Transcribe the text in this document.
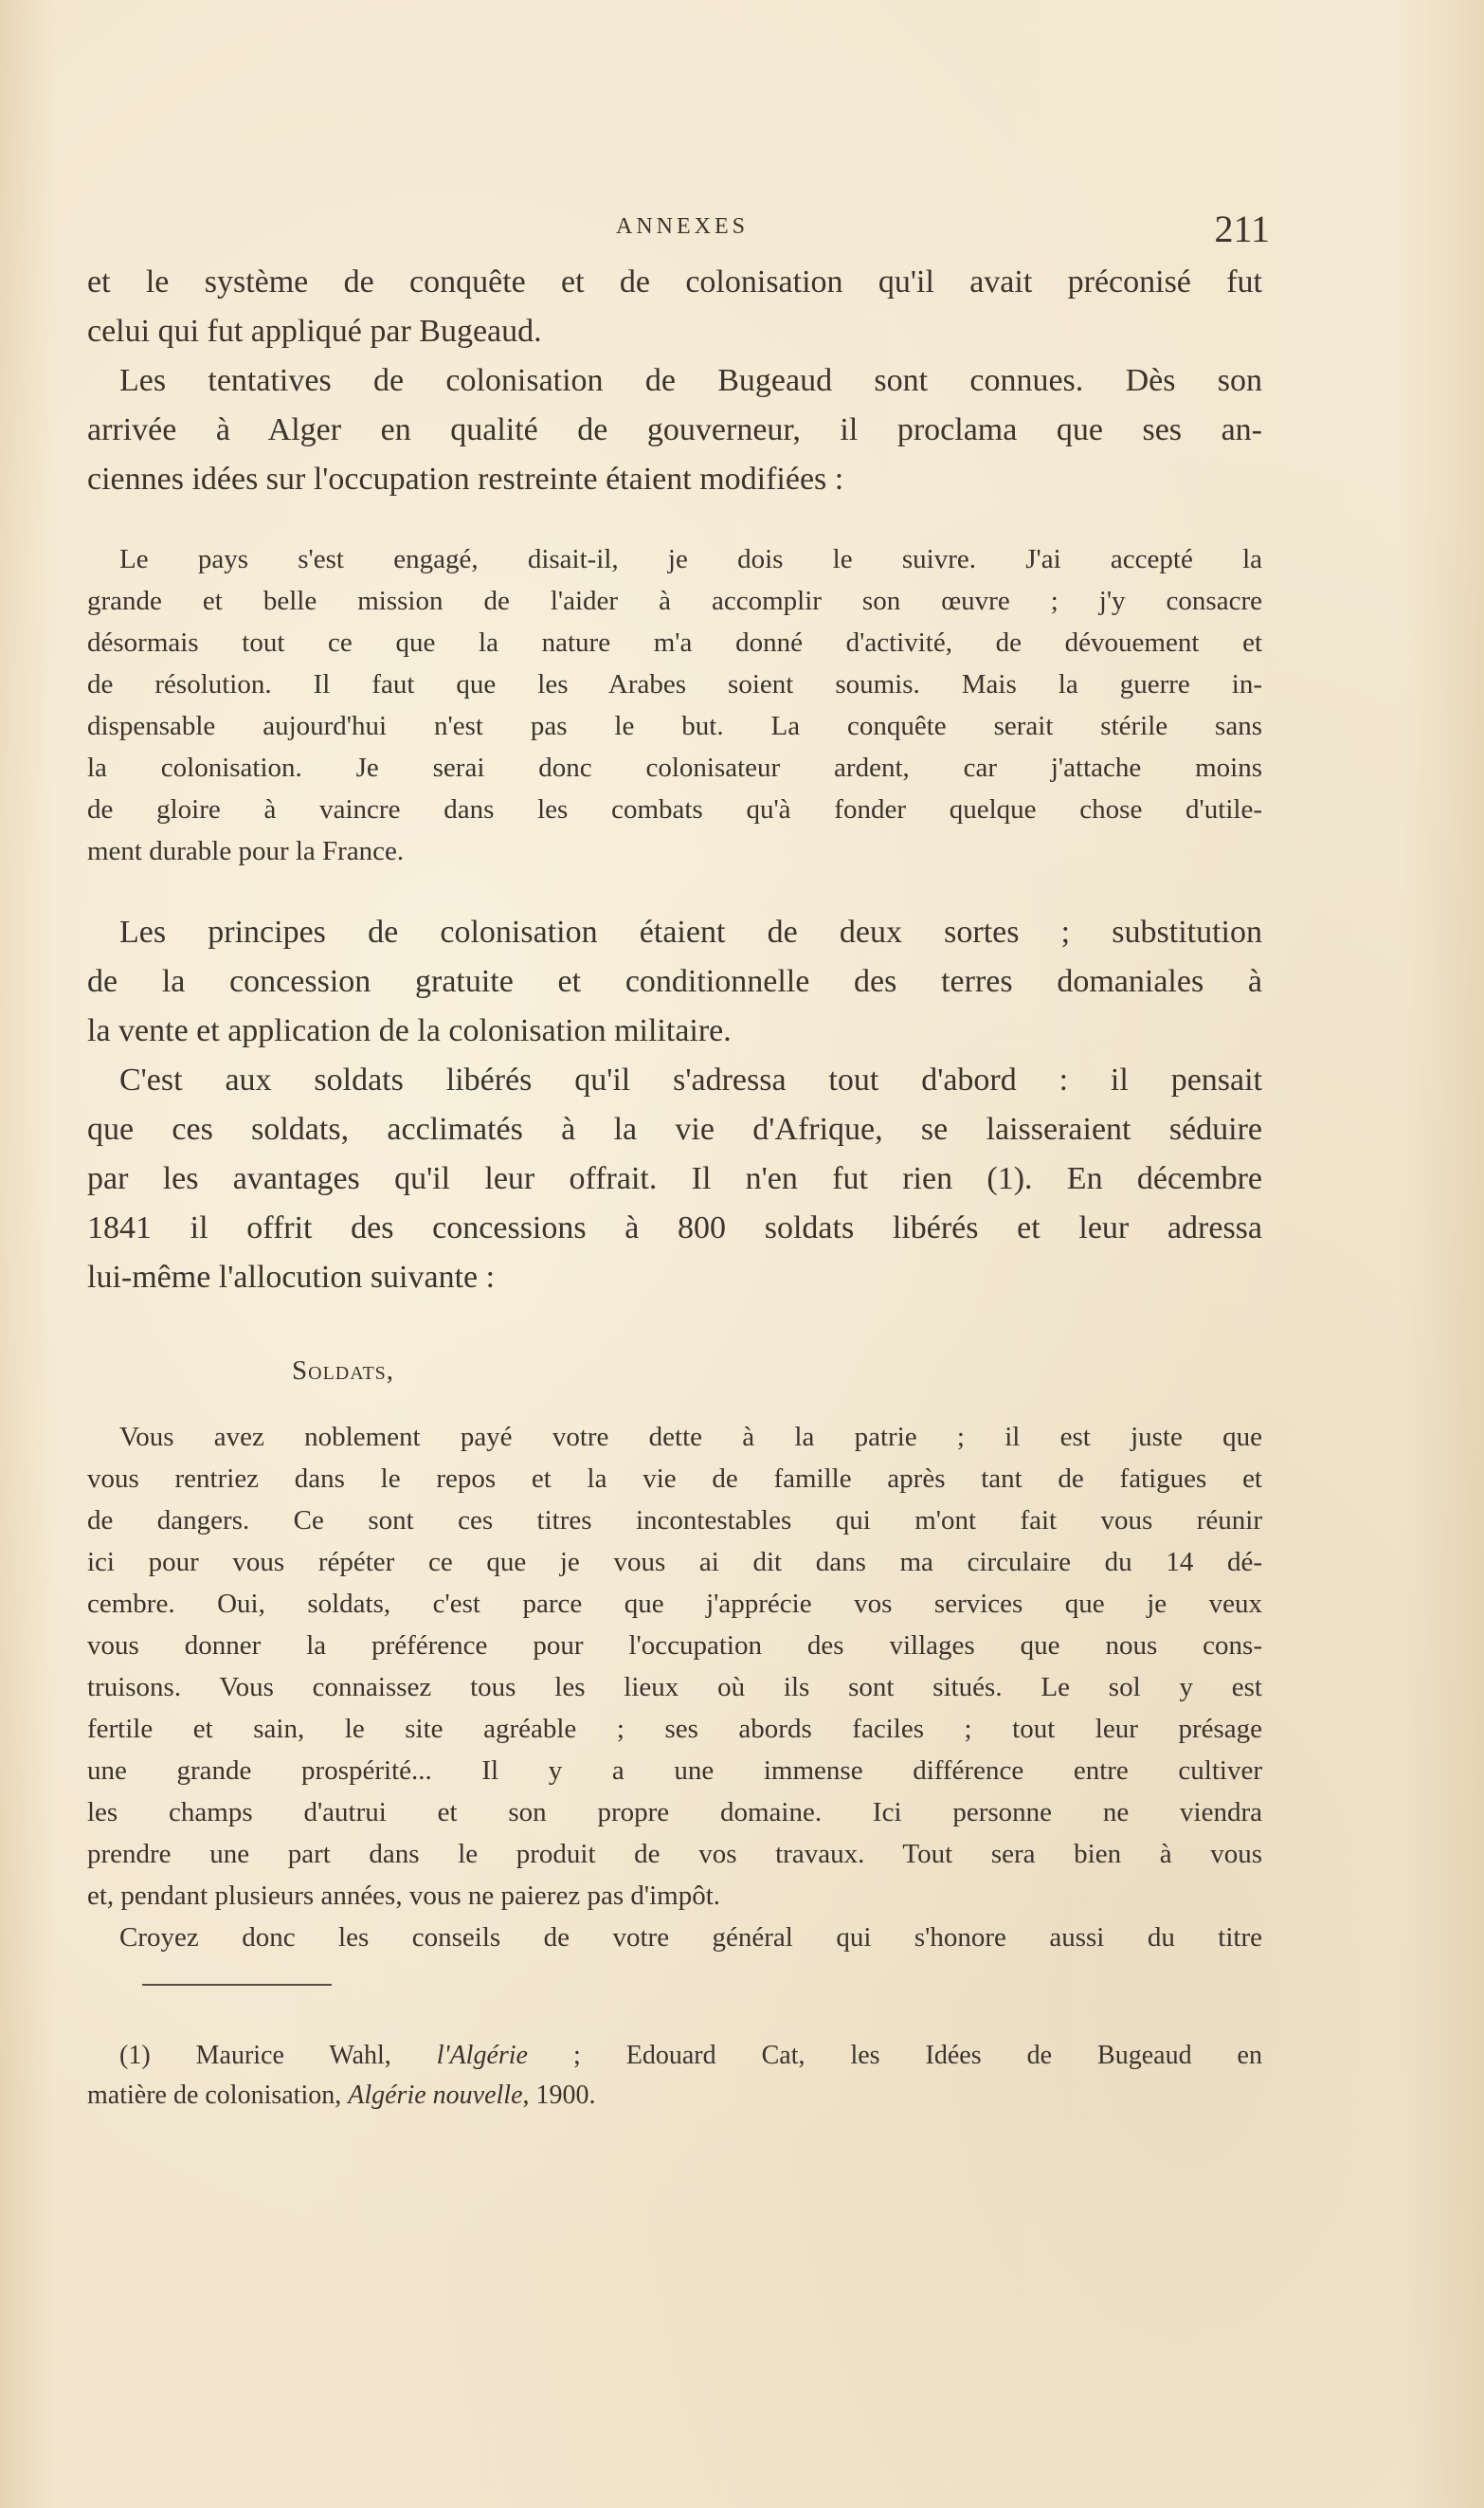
ANNEXES	211
et le système de conquête et de colonisation qu'il avait préconisé fut
celui qui fut appliqué par Bugeaud.
Les tentatives de colonisation de Bugeaud sont connues. Dès son
arrivée à Alger en qualité de gouverneur, il proclama que ses an-
ciennes idées sur l'occupation restreinte étaient modifiées :
Le pays s'est engagé, disait-il, je dois le suivre. J'ai accepté la
grande et belle mission de l'aider à accomplir son œuvre ; j'y consacre
désormais tout ce que la nature m'a donné d'activité, de dévouement et
de résolution. Il faut que les Arabes soient soumis. Mais la guerre in-
dispensable aujourd'hui n'est pas le but. La conquête serait stérile sans
la colonisation. Je serai donc colonisateur ardent, car j'attache moins
de gloire à vaincre dans les combats qu'à fonder quelque chose d'utile-
ment durable pour la France.
Les principes de colonisation étaient de deux sortes ; substitution
de la concession gratuite et conditionnelle des terres domaniales à
la vente et application de la colonisation militaire.
C'est aux soldats libérés qu'il s'adressa tout d'abord : il pensait
que ces soldats, acclimatés à la vie d'Afrique, se laisseraient séduire
par les avantages qu'il leur offrait. Il n'en fut rien (1). En décembre
1841 il offrit des concessions à 800 soldats libérés et leur adressa
lui-même l'allocution suivante :
Soldats,
Vous avez noblement payé votre dette à la patrie ; il est juste que
vous rentriez dans le repos et la vie de famille après tant de fatigues et
de dangers. Ce sont ces titres incontestables qui m'ont fait vous réunir
ici pour vous répéter ce que je vous ai dit dans ma circulaire du 14 dé-
cembre. Oui, soldats, c'est parce que j'apprécie vos services que je veux
vous donner la préférence pour l'occupation des villages que nous cons-
truisons. Vous connaissez tous les lieux où ils sont situés. Le sol y est
fertile et sain, le site agréable ; ses abords faciles ; tout leur présage
une grande prospérité... Il y a une immense différence entre cultiver
les champs d'autrui et son propre domaine. Ici personne ne viendra
prendre une part dans le produit de vos travaux. Tout sera bien à vous
et, pendant plusieurs années, vous ne paierez pas d'impôt.
Croyez donc les conseils de votre général qui s'honore aussi du titre
(1) Maurice Wahl, l'Algérie ; Edouard Cat, les Idées de Bugeaud en
matière de colonisation, Algérie nouvelle, 1900.
